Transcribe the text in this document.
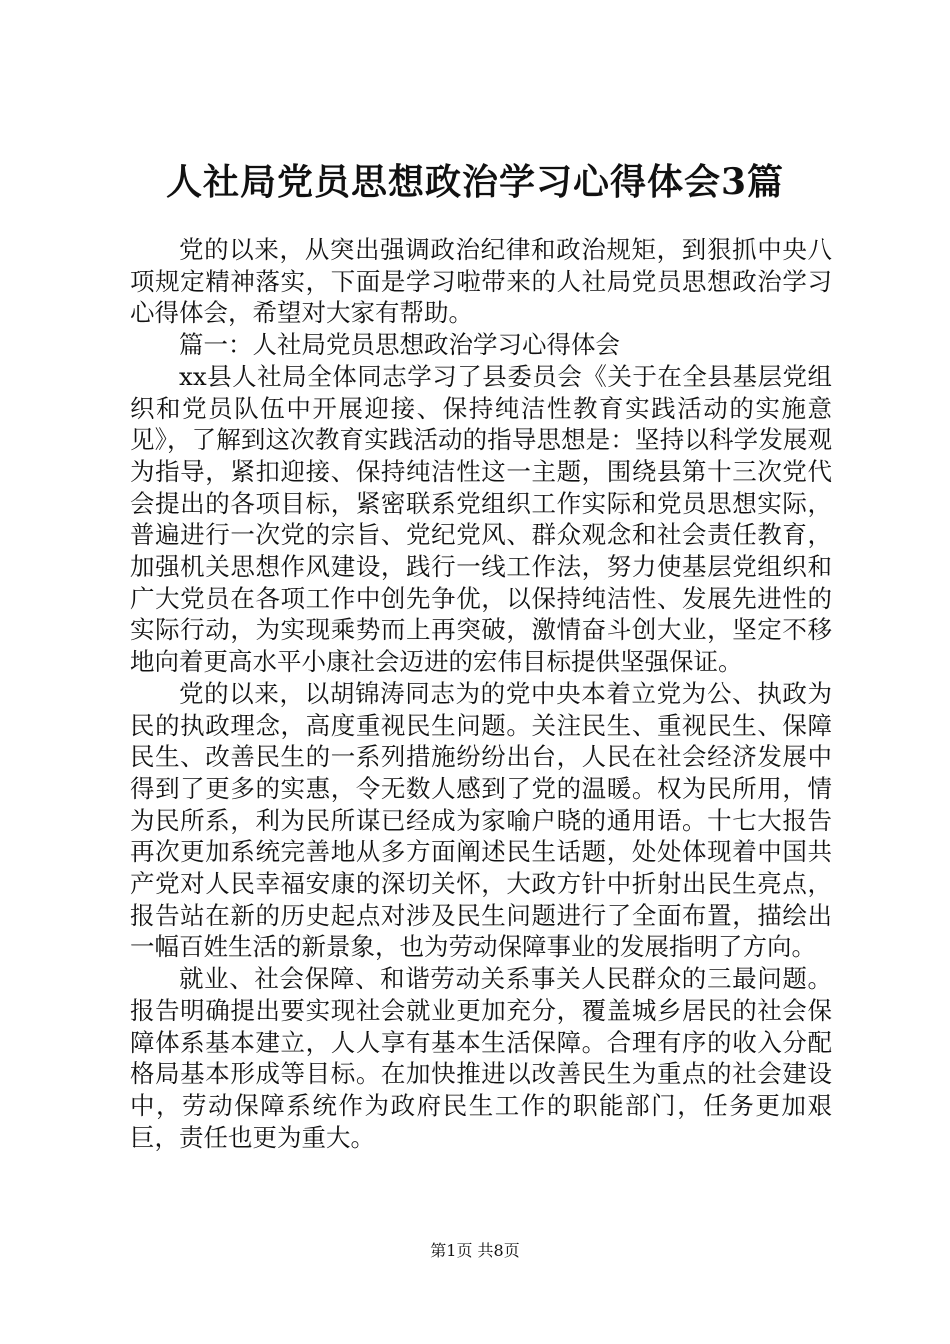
人社局党员思想政治学习心得体会3篇

党的以来，从突出强调政治纪律和政治规矩，到狠抓中央八项规定精神落实，下面是学习啦带来的人社局党员思想政治学习心得体会，希望对大家有帮助。

篇一：人社局党员思想政治学习心得体会

xx县人社局全体同志学习了县委员会《关于在全县基层党组织和党员队伍中开展迎接、保持纯洁性教育实践活动的实施意见》，了解到这次教育实践活动的指导思想是：坚持以科学发展观为指导，紧扣迎接、保持纯洁性这一主题，围绕县第十三次党代会提出的各项目标，紧密联系党组织工作实际和党员思想实际，普遍进行一次党的宗旨、党纪党风、群众观念和社会责任教育，加强机关思想作风建设，践行一线工作法，努力使基层党组织和广大党员在各项工作中创先争优，以保持纯洁性、发展先进性的实际行动，为实现乘势而上再突破，激情奋斗创大业，坚定不移地向着更高水平小康社会迈进的宏伟目标提供坚强保证。

党的以来，以胡锦涛同志为的党中央本着立党为公、执政为民的执政理念，高度重视民生问题。关注民生、重视民生、保障民生、改善民生的一系列措施纷纷出台，人民在社会经济发展中得到了更多的实惠，令无数人感到了党的温暖。权为民所用，情为民所系，利为民所谋已经成为家喻户晓的通用语。十七大报告再次更加系统完善地从多方面阐述民生话题，处处体现着中国共产党对人民幸福安康的深切关怀，大政方针中折射出民生亮点，报告站在新的历史起点对涉及民生问题进行了全面布置，描绘出一幅百姓生活的新景象，也为劳动保障事业的发展指明了方向。

就业、社会保障、和谐劳动关系事关人民群众的三最问题。报告明确提出要实现社会就业更加充分，覆盖城乡居民的社会保障体系基本建立，人人享有基本生活保障。合理有序的收入分配格局基本形成等目标。在加快推进以改善民生为重点的社会建设中，劳动保障系统作为政府民生工作的职能部门，任务更加艰巨，责任也更为重大。

第1页 共8页
